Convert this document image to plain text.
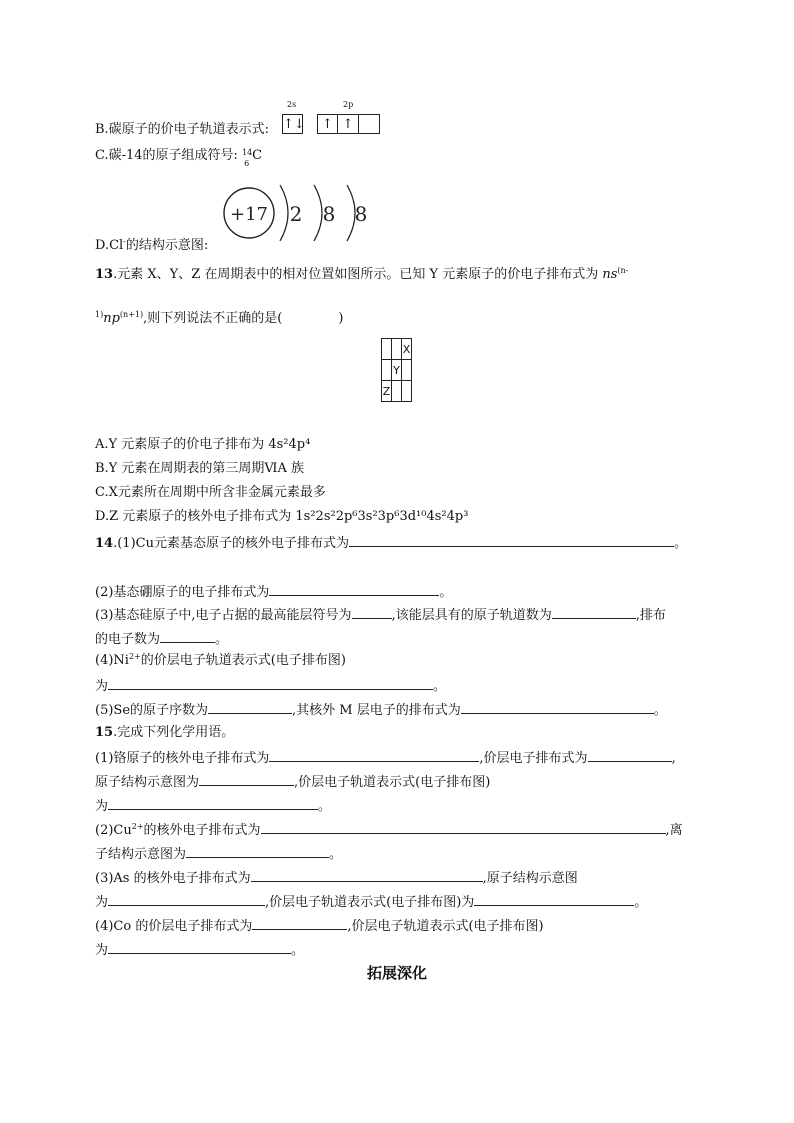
B.碳原子的价电子轨道表示式:
2s	2p
↑↓	↑ ↑
C.碳-14的原子组成符号: 14
6
C
+17 2 8 8
D.Cl-的结构示意图:
13.元素 X、Y、Z 在周期表中的相对位置如图所示。已知 Y 元素原子的价电子排布式为 $ns^{(n-}$
$^{1)}np^{(n+1)}$,则下列说法不正确的是(	)
		X
	Y	
Z		
A.Y 元素原子的价电子排布为 4s²4p⁴
B.Y 元素在周期表的第三周期ⅥA 族
C.X元素所在周期中所含非金属元素最多
D.Z 元素原子的核外电子排布式为 1s²2s²2p⁶3s²3p⁶3d¹⁰4s²4p³
14.(1)Cu元素基态原子的核外电子排布式为	。
(2)基态硼原子的电子排布式为	。
(3)基态硅原子中,电子占据的最高能层符号为	,该能层具有的原子轨道数为	,排布
的电子数为	。
$(4)Ni^{2+}$的价层电子轨道表示式(电子排布图)
为	。
(5)Se的原子序数为	,其核外 M 层电子的排布式为	。
15.完成下列化学用语。
(1)铬原子的核外电子排布式为	,价层电子排布式为	,
原子结构示意图为	,价层电子轨道表示式(电子排布图)
为	。
$(2)Cu^{2+}$的核外电子排布式为	,离
子结构示意图为	。
(3)As 的核外电子排布式为	,原子结构示意图
为	,价层电子轨道表示式(电子排布图)为	。
(4)Co 的价层电子排布式为	,价层电子轨道表示式(电子排布图)
为	。
拓展深化
